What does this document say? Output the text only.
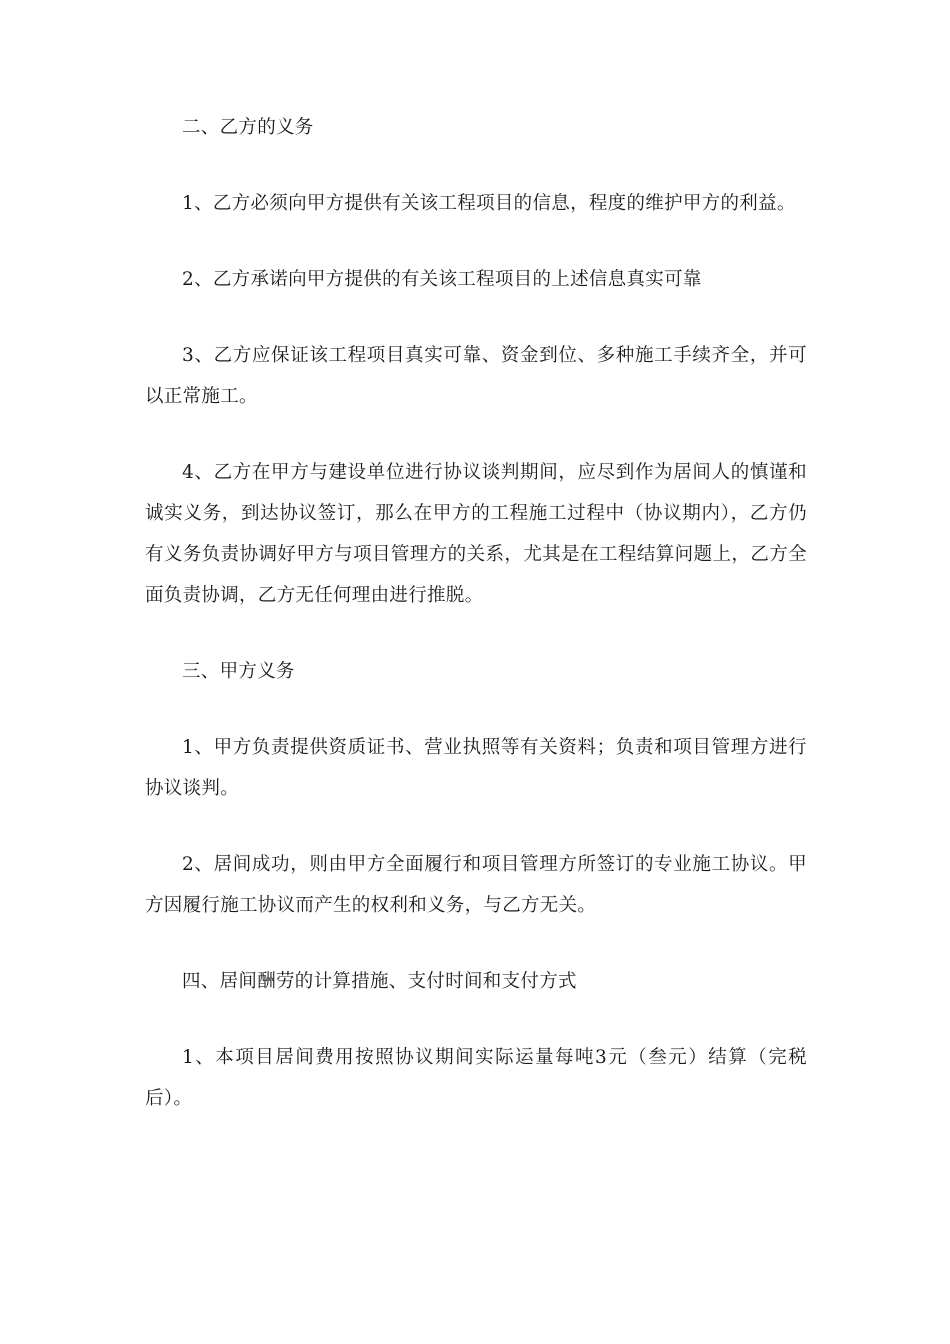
二、乙方的义务

1、乙方必须向甲方提供有关该工程项目的信息，程度的维护甲方的利益。

2、乙方承诺向甲方提供的有关该工程项目的上述信息真实可靠

3、乙方应保证该工程项目真实可靠、资金到位、多种施工手续齐全，并可以正常施工。

4、乙方在甲方与建设单位进行协议谈判期间，应尽到作为居间人的慎谨和诚实义务，到达协议签订，那么在甲方的工程施工过程中（协议期内），乙方仍有义务负责协调好甲方与项目管理方的关系，尤其是在工程结算问题上，乙方全面负责协调，乙方无任何理由进行推脱。

三、甲方义务

1、甲方负责提供资质证书、营业执照等有关资料；负责和项目管理方进行协议谈判。

2、居间成功，则由甲方全面履行和项目管理方所签订的专业施工协议。甲方因履行施工协议而产生的权利和义务，与乙方无关。

四、居间酬劳的计算措施、支付时间和支付方式

1、本项目居间费用按照协议期间实际运量每吨3元（叁元）结算（完税后）。
